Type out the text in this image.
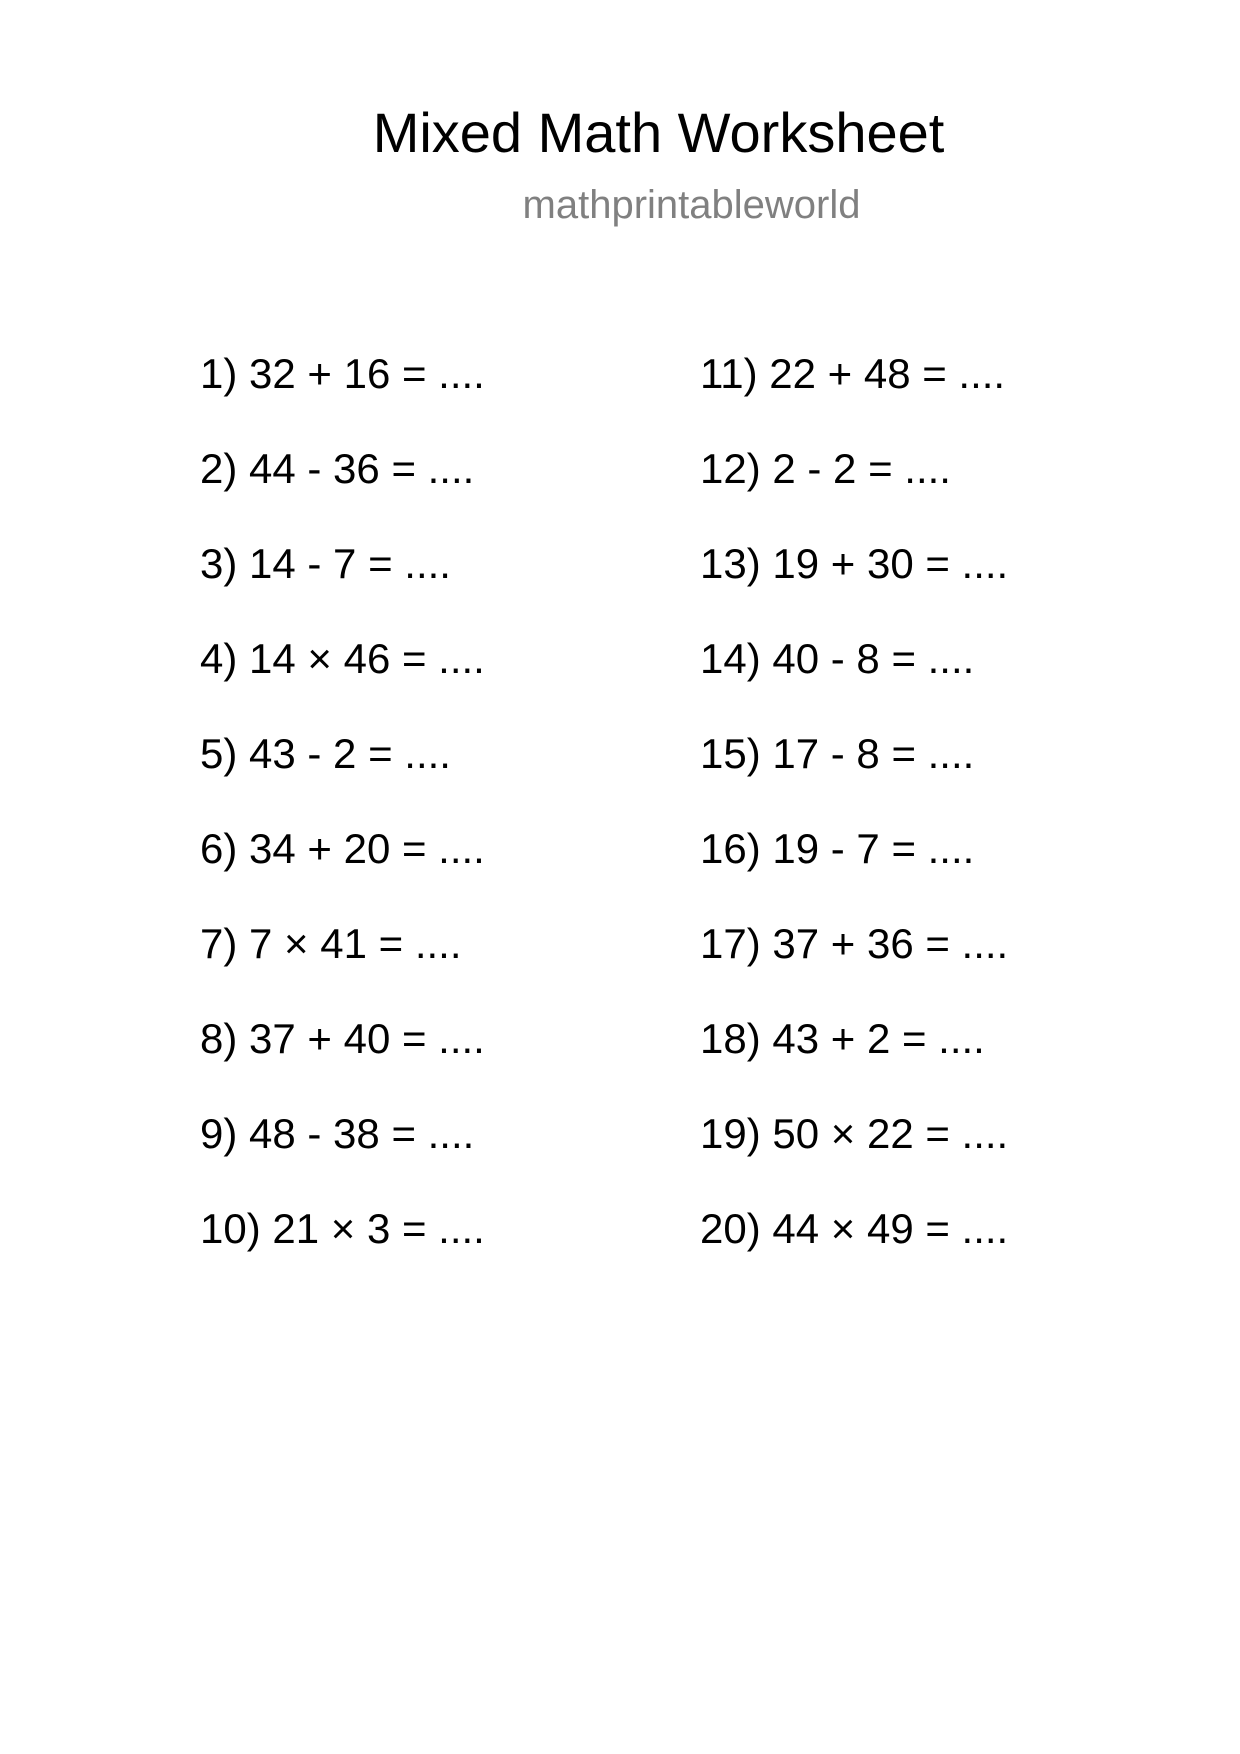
Mixed Math Worksheet
mathprintableworld
1) 32 + 16 = ....
2) 44 - 36 = ....
3) 14 - 7 = ....
4) 14 × 46 = ....
5) 43 - 2 = ....
6) 34 + 20 = ....
7) 7 × 41 = ....
8) 37 + 40 = ....
9) 48 - 38 = ....
10) 21 × 3 = ....
11) 22 + 48 = ....
12) 2 - 2 = ....
13) 19 + 30 = ....
14) 40 - 8 = ....
15) 17 - 8 = ....
16) 19 - 7 = ....
17) 37 + 36 = ....
18) 43 + 2 = ....
19) 50 × 22 = ....
20) 44 × 49 = ....
